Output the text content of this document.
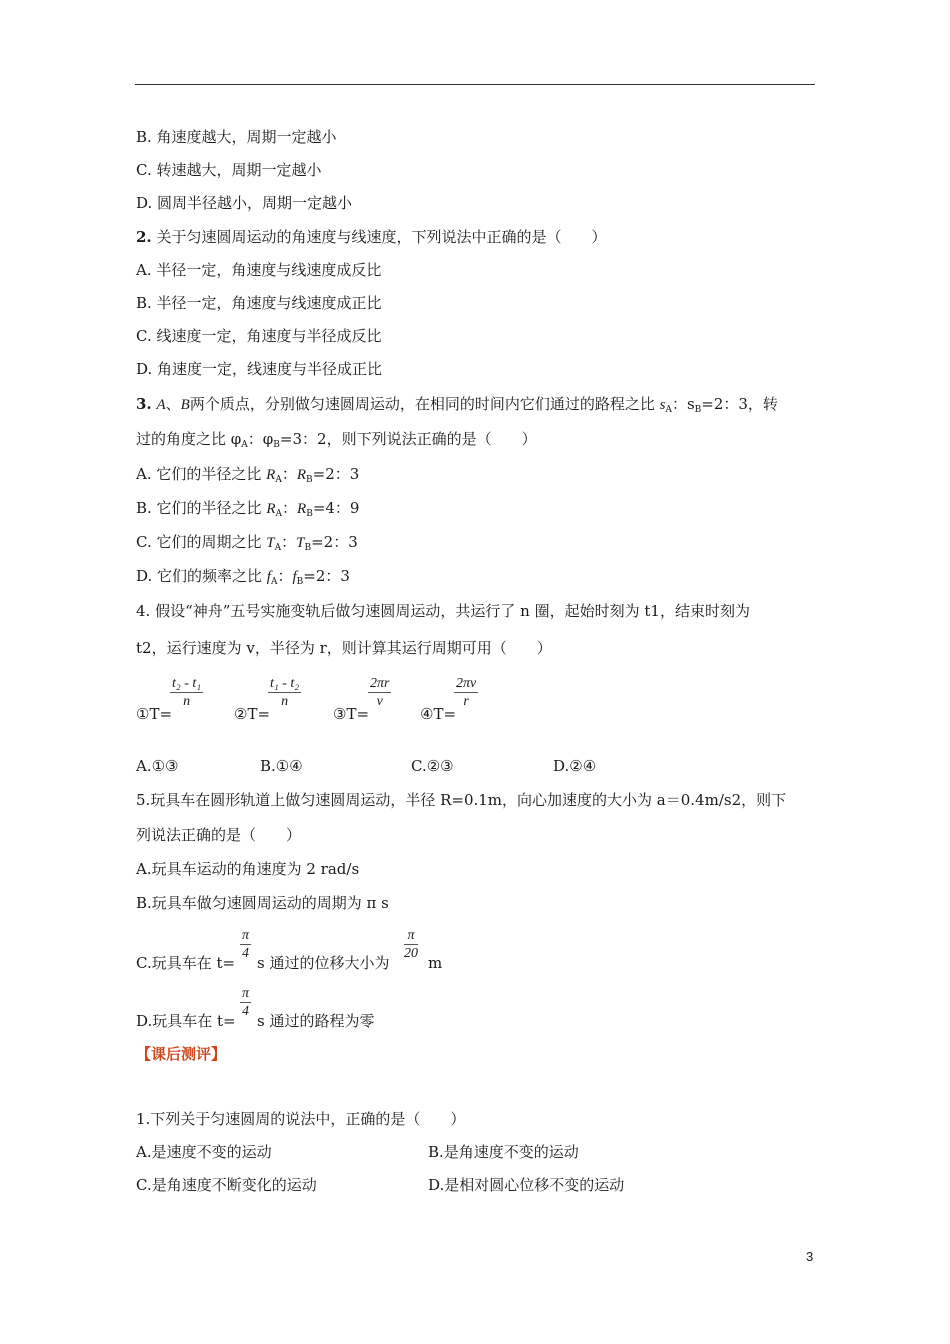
B. 角速度越大，周期一定越小
C. 转速越大，周期一定越小
D. 圆周半径越小，周期一定越小
2. 关于匀速圆周运动的角速度与线速度，下列说法中正确的是（　　）
A. 半径一定，角速度与线速度成反比
B. 半径一定，角速度与线速度成正比
C. 线速度一定，角速度与半径成反比
D. 角速度一定，线速度与半径成正比
3. A、B两个质点，分别做匀速圆周运动，在相同的时间内它们通过的路程之比 $s_A$：$s_B=2$：3，转
过的角度之比 $\varphi_A$：$\varphi_B=3$：2，则下列说法正确的是（　　）
A. 它们的半径之比 $R_A$：$R_B=2$：3
B. 它们的半径之比 $R_A$：$R_B=4$：9
C. 它们的周期之比 $T_A$：$T_B=2$：3
D. 它们的频率之比 $f_A$：$f_B=2$：3
4. 假设“神舟”五号实施变轨后做匀速圆周运动，共运行了 n 圈，起始时刻为 t1，结束时刻为
t2，运行速度为 v，半径为 r，则计算其运行周期可用（　　）
①T=
t₂ - t₁
n
②T=
t₁ - t₂
n
③T=
2πr
v
④T=
2πv
r
A.①③	B.①④	C.②③	D.②④
5.玩具车在圆形轨道上做匀速圆周运动，半径 R=0.1m，向心加速度的大小为 a＝0.4m/s2，则下
列说法正确的是（　　）
A.玩具车运动的角速度为 2 rad/s
B.玩具车做匀速圆周运动的周期为 π s
C.玩具车在 t=
π
4
s 通过的位移大小为
π
20
m
D.玩具车在 t=
π
4
s 通过的路程为零
【课后测评】
1.下列关于匀速圆周的说法中，正确的是（　　）
A.是速度不变的运动	B.是角速度不变的运动
C.是角速度不断变化的运动	D.是相对圆心位移不变的运动
3
